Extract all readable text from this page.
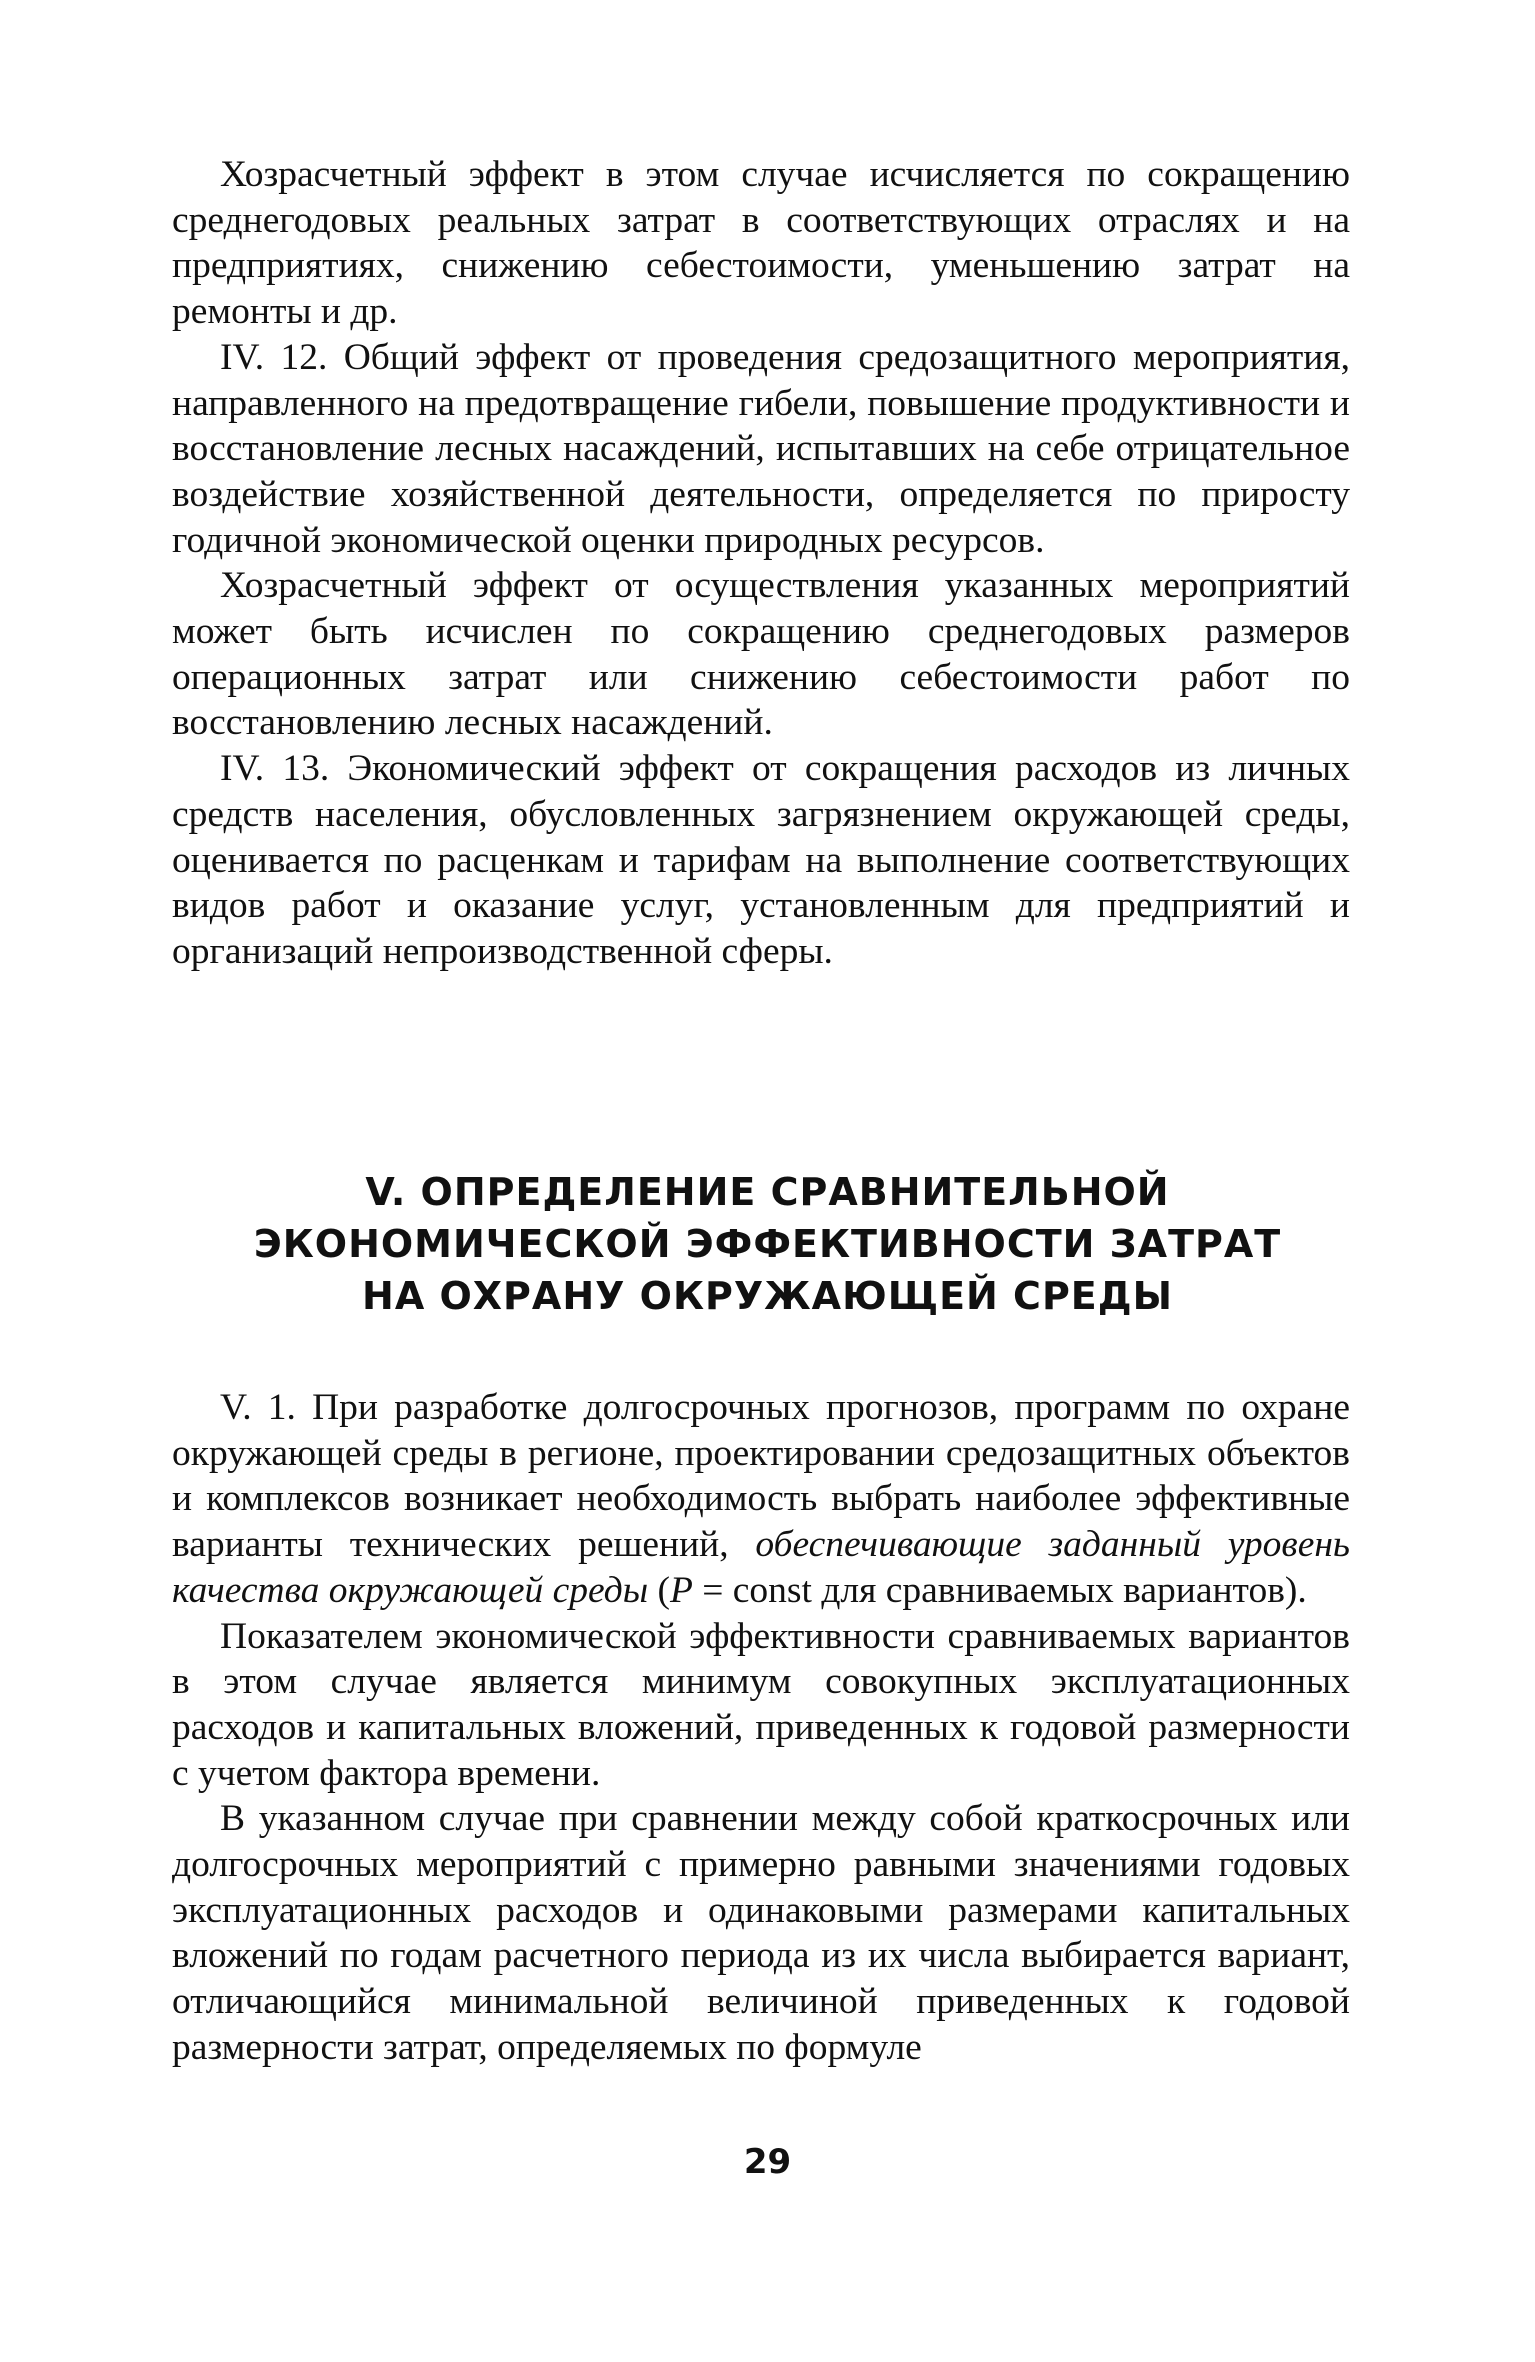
Хозрасчетный эффект в этом случае исчисляется по сокращению среднегодовых реальных затрат в соответствующих отраслях и на предприятиях, снижению себестоимости, уменьшению затрат на ремонты и др.

IV. 12. Общий эффект от проведения средозащитного мероприятия, направленного на предотвращение гибели, повышение продуктивности и восстановление лесных насаждений, испытавших на себе отрицательное воздействие хозяйственной деятельности, определяется по приросту годичной экономической оценки природных ресурсов.

Хозрасчетный эффект от осуществления указанных мероприятий может быть исчислен по сокращению среднегодовых размеров операционных затрат или снижению себестоимости работ по восстановлению лесных насаждений.

IV. 13. Экономический эффект от сокращения расходов из личных средств населения, обусловленных загрязнением окружающей среды, оценивается по расценкам и тарифам на выполнение соответствующих видов работ и оказание услуг, установленным для предприятий и организаций непроизводственной сферы.

V. ОПРЕДЕЛЕНИЕ СРАВНИТЕЛЬНОЙ
ЭКОНОМИЧЕСКОЙ ЭФФЕКТИВНОСТИ ЗАТРАТ
НА ОХРАНУ ОКРУЖАЮЩЕЙ СРЕДЫ

V. 1. При разработке долгосрочных прогнозов, программ по охране окружающей среды в регионе, проектировании средозащитных объектов и комплексов возникает необходимость выбрать наиболее эффективные варианты технических решений, обеспечивающие заданный уровень качества окружающей среды (P = const для сравниваемых вариантов).

Показателем экономической эффективности сравниваемых вариантов в этом случае является минимум совокупных эксплуатационных расходов и капитальных вложений, приведенных к годовой размерности с учетом фактора времени.

В указанном случае при сравнении между собой краткосрочных или долгосрочных мероприятий с примерно равными значениями годовых эксплуатационных расходов и одинаковыми размерами капитальных вложений по годам расчетного периода из их числа выбирается вариант, отличающийся минимальной величиной приведенных к годовой размерности затрат, определяемых по формуле

29
